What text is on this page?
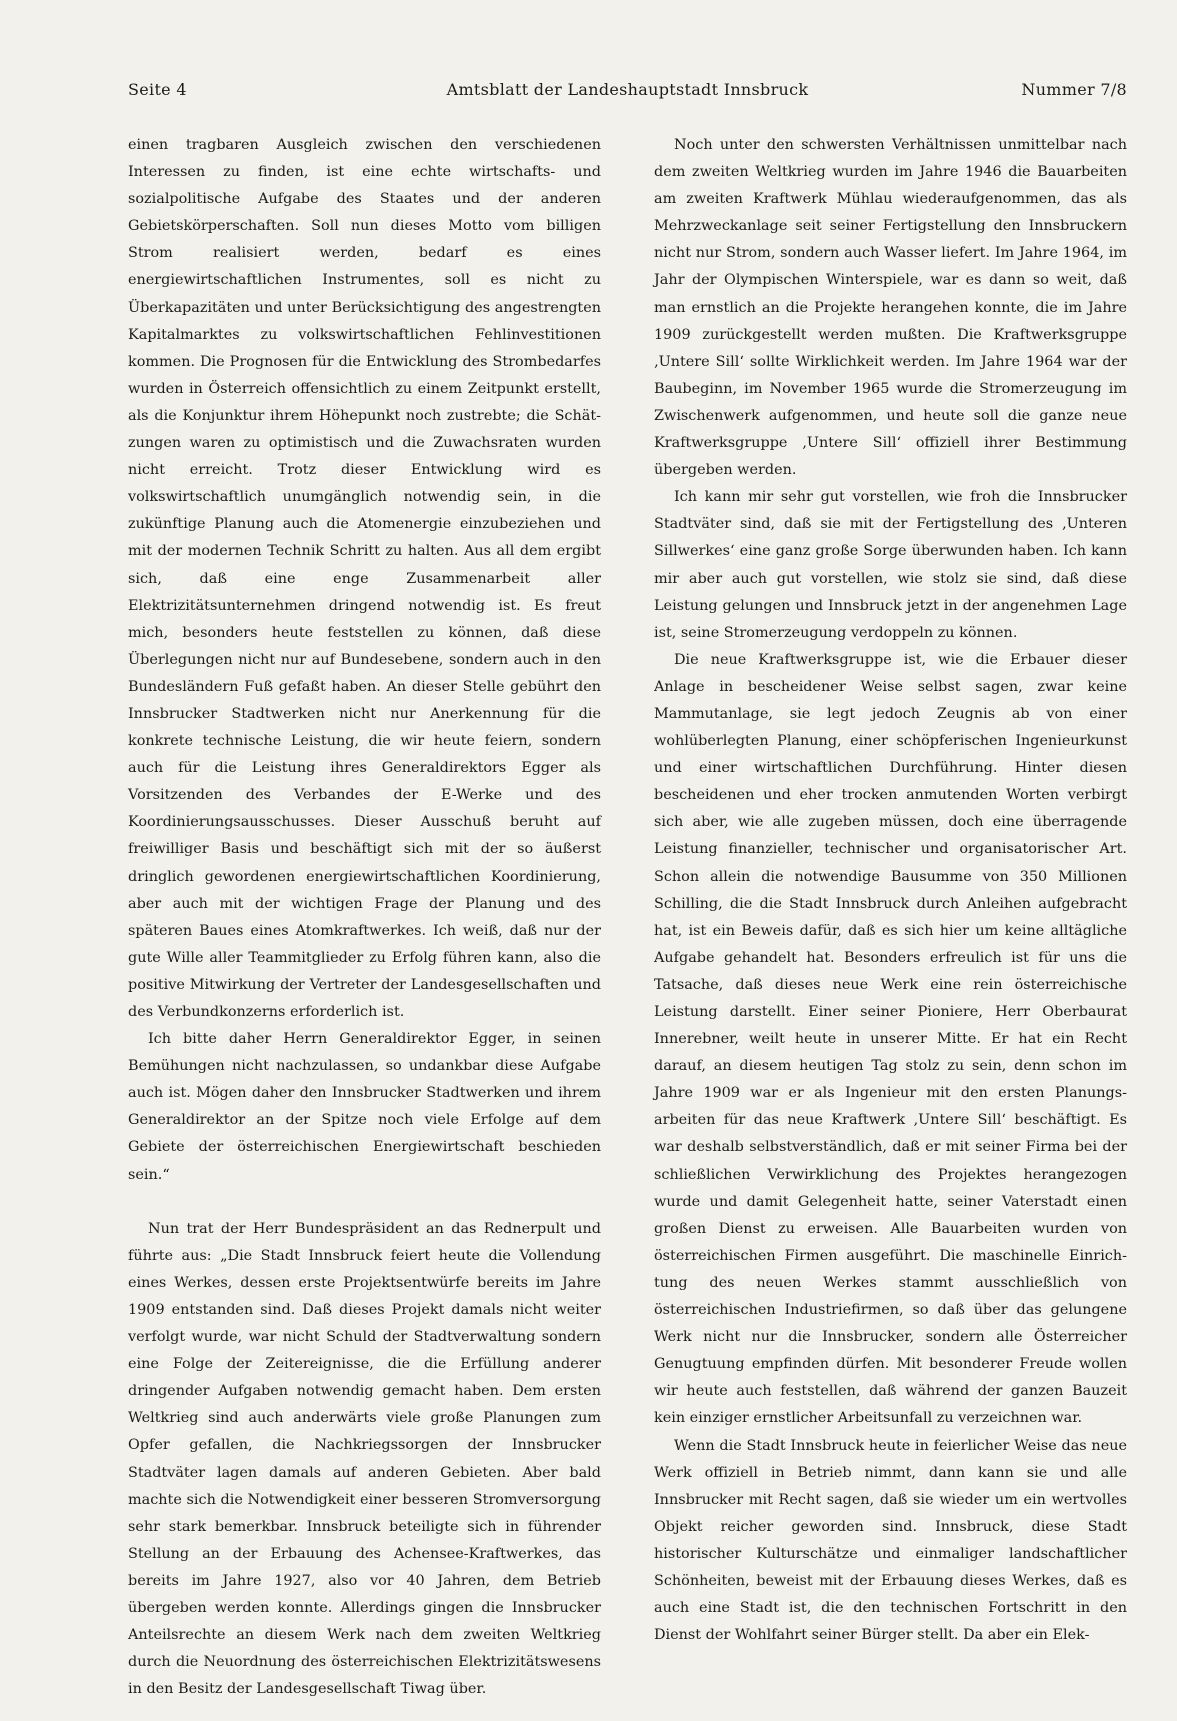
Seite 4	Amtsblatt der Landeshauptstadt Innsbruck	Nummer 7/8

einen tragbaren Ausgleich zwischen den verschiedenen Interessen zu finden, ist eine echte wirtschafts- und sozialpolitische Aufgabe des Staates und der anderen Gebietskörperschaften. Soll nun dieses Motto vom billigen Strom realisiert werden, bedarf es eines energiewirtschaftlichen Instrumentes, soll es nicht zu Überkapazitäten und unter Berücksichtigung des angestrengten Kapitalmarktes zu volkswirtschaftlichen Fehlinvestitionen kommen. Die Prognosen für die Entwicklung des Strombedarfes wurden in Österreich offensichtlich zu einem Zeitpunkt erstellt, als die Konjunktur ihrem Höhepunkt noch zustrebte; die Schätzungen waren zu optimistisch und die Zuwachsraten wurden nicht erreicht. Trotz dieser Entwicklung wird es volkswirtschaftlich unumgänglich notwendig sein, in die zukünftige Planung auch die Atomenergie einzubeziehen und mit der modernen Technik Schritt zu halten. Aus all dem ergibt sich, daß eine enge Zusammenarbeit aller Elektrizitätsunternehmen dringend notwendig ist. Es freut mich, besonders heute feststellen zu können, daß diese Überlegungen nicht nur auf Bundesebene, sondern auch in den Bundesländern Fuß gefaßt haben. An dieser Stelle gebührt den Innsbrucker Stadtwerken nicht nur Anerkennung für die konkrete technische Leistung, die wir heute feiern, sondern auch für die Leistung ihres Generaldirektors Egger als Vorsitzenden des Verbandes der E-Werke und des Koordinierungsausschusses. Dieser Ausschuß beruht auf freiwilliger Basis und beschäftigt sich mit der so äußerst dringlich gewordenen energiewirtschaftlichen Koordinierung, aber auch mit der wichtigen Frage der Planung und des späteren Baues eines Atomkraftwerkes. Ich weiß, daß nur der gute Wille aller Teammitglieder zu Erfolg führen kann, also die positive Mitwirkung der Vertreter der Landesgesellschaften und des Verbundkonzerns erforderlich ist.

Ich bitte daher Herrn Generaldirektor Egger, in seinen Bemühungen nicht nachzulassen, so undankbar diese Aufgabe auch ist. Mögen daher den Innsbrucker Stadtwerken und ihrem Generaldirektor an der Spitze noch viele Erfolge auf dem Gebiete der österreichischen Energiewirtschaft beschieden sein.“

Nun trat der Herr Bundespräsident an das Rednerpult und führte aus: „Die Stadt Innsbruck feiert heute die Vollendung eines Werkes, dessen erste Projektsentwürfe bereits im Jahre 1909 entstanden sind. Daß dieses Projekt damals nicht weiter verfolgt wurde, war nicht Schuld der Stadtverwaltung sondern eine Folge der Zeitereignisse, die die Erfüllung anderer dringender Aufgaben notwendig gemacht haben. Dem ersten Weltkrieg sind auch anderwärts viele große Planungen zum Opfer gefallen, die Nachkriegssorgen der Innsbrucker Stadtväter lagen damals auf anderen Gebieten. Aber bald machte sich die Notwendigkeit einer besseren Stromversorgung sehr stark bemerkbar. Innsbruck beteiligte sich in führender Stellung an der Erbauung des Achensee-Kraftwerkes, das bereits im Jahre 1927, also vor 40 Jahren, dem Betrieb übergeben werden konnte. Allerdings gingen die Innsbrucker Anteilsrechte an diesem Werk nach dem zweiten Weltkrieg durch die Neuordnung des österreichischen Elektrizitätswesens in den Besitz der Landesgesellschaft Tiwag über.

Noch unter den schwersten Verhältnissen unmittelbar nach dem zweiten Weltkrieg wurden im Jahre 1946 die Bauarbeiten am zweiten Kraftwerk Mühlau wiederaufgenommen, das als Mehrzweckanlage seit seiner Fertigstellung den Innsbruckern nicht nur Strom, sondern auch Wasser liefert. Im Jahre 1964, im Jahr der Olympischen Winterspiele, war es dann so weit, daß man ernstlich an die Projekte herangehen konnte, die im Jahre 1909 zurückgestellt werden mußten. Die Kraftwerksgruppe ‚Untere Sill‘ sollte Wirklichkeit werden. Im Jahre 1964 war der Baubeginn, im November 1965 wurde die Stromerzeugung im Zwischenwerk aufgenommen, und heute soll die ganze neue Kraftwerksgruppe ‚Untere Sill‘ offiziell ihrer Bestimmung übergeben werden.

Ich kann mir sehr gut vorstellen, wie froh die Innsbrucker Stadtväter sind, daß sie mit der Fertigstellung des ‚Unteren Sillwerkes‘ eine ganz große Sorge überwunden haben. Ich kann mir aber auch gut vorstellen, wie stolz sie sind, daß diese Leistung gelungen und Innsbruck jetzt in der angenehmen Lage ist, seine Stromerzeugung verdoppeln zu können.

Die neue Kraftwerksgruppe ist, wie die Erbauer dieser Anlage in bescheidener Weise selbst sagen, zwar keine Mammutanlage, sie legt jedoch Zeugnis ab von einer wohlüberlegten Planung, einer schöpferischen Ingenieurkunst und einer wirtschaftlichen Durchführung. Hinter diesen bescheidenen und eher trocken anmutenden Worten verbirgt sich aber, wie alle zugeben müssen, doch eine überragende Leistung finanzieller, technischer und organisatorischer Art. Schon allein die notwendige Bausumme von 350 Millionen Schilling, die die Stadt Innsbruck durch Anleihen aufgebracht hat, ist ein Beweis dafür, daß es sich hier um keine alltägliche Aufgabe gehandelt hat. Besonders erfreulich ist für uns die Tatsache, daß dieses neue Werk eine rein österreichische Leistung darstellt. Einer seiner Pioniere, Herr Oberbaurat Innerebner, weilt heute in unserer Mitte. Er hat ein Recht darauf, an diesem heutigen Tag stolz zu sein, denn schon im Jahre 1909 war er als Ingenieur mit den ersten Planungsarbeiten für das neue Kraftwerk ‚Untere Sill‘ beschäftigt. Es war deshalb selbstverständlich, daß er mit seiner Firma bei der schließlichen Verwirklichung des Projektes herangezogen wurde und damit Gelegenheit hatte, seiner Vaterstadt einen großen Dienst zu erweisen. Alle Bauarbeiten wurden von österreichischen Firmen ausgeführt. Die maschinelle Einrichtung des neuen Werkes stammt ausschließlich von österreichischen Industriefirmen, so daß über das gelungene Werk nicht nur die Innsbrucker, sondern alle Österreicher Genugtuung empfinden dürfen. Mit besonderer Freude wollen wir heute auch feststellen, daß während der ganzen Bauzeit kein einziger ernstlicher Arbeitsunfall zu verzeichnen war.

Wenn die Stadt Innsbruck heute in feierlicher Weise das neue Werk offiziell in Betrieb nimmt, dann kann sie und alle Innsbrucker mit Recht sagen, daß sie wieder um ein wertvolles Objekt reicher geworden sind. Innsbruck, diese Stadt historischer Kulturschätze und einmaliger landschaftlicher Schönheiten, beweist mit der Erbauung dieses Werkes, daß es auch eine Stadt ist, die den technischen Fortschritt in den Dienst der Wohlfahrt seiner Bürger stellt. Da aber ein Elek-
